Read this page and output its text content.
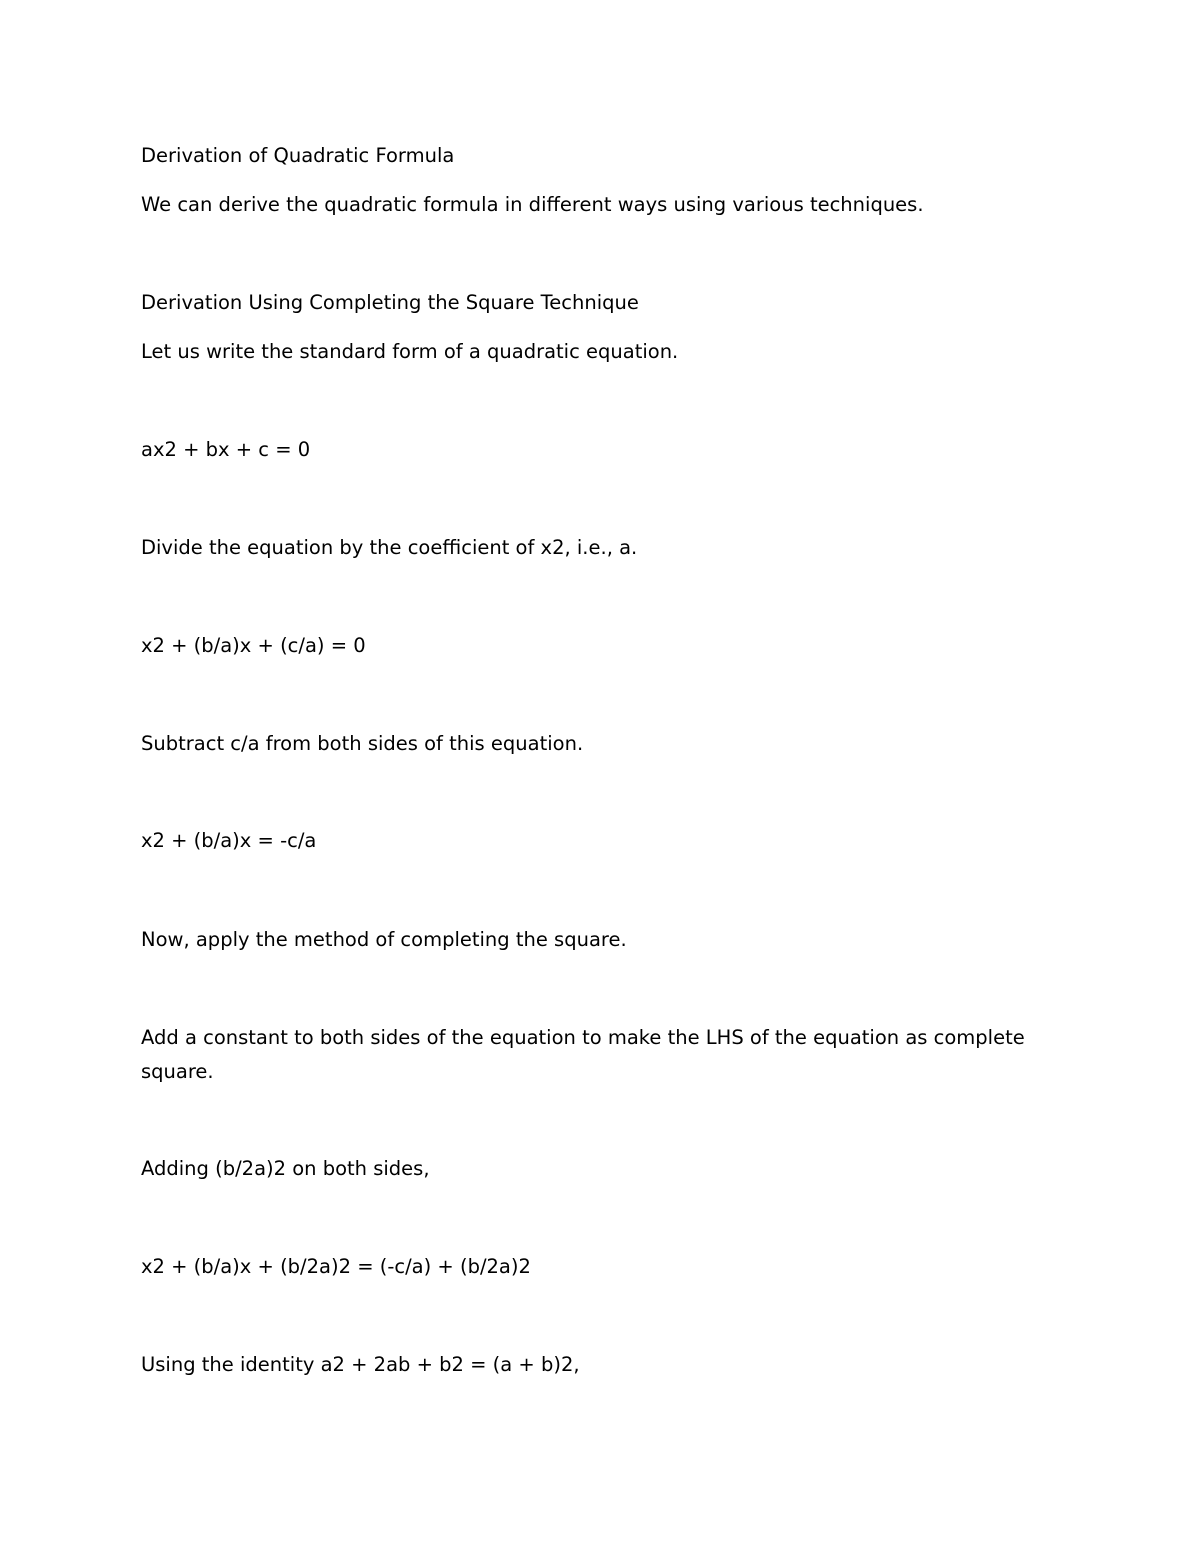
Derivation of Quadratic Formula
We can derive the quadratic formula in different ways using various techniques.
Derivation Using Completing the Square Technique
Let us write the standard form of a quadratic equation.
ax2 + bx + c = 0
Divide the equation by the coefficient of x2, i.e., a.
x2 + (b/a)x + (c/a) = 0
Subtract c/a from both sides of this equation.
x2 + (b/a)x = -c/a
Now, apply the method of completing the square.
Add a constant to both sides of the equation to make the LHS of the equation as complete square.
Adding (b/2a)2 on both sides,
x2 + (b/a)x + (b/2a)2 = (-c/a) + (b/2a)2
Using the identity a2 + 2ab + b2 = (a + b)2,
